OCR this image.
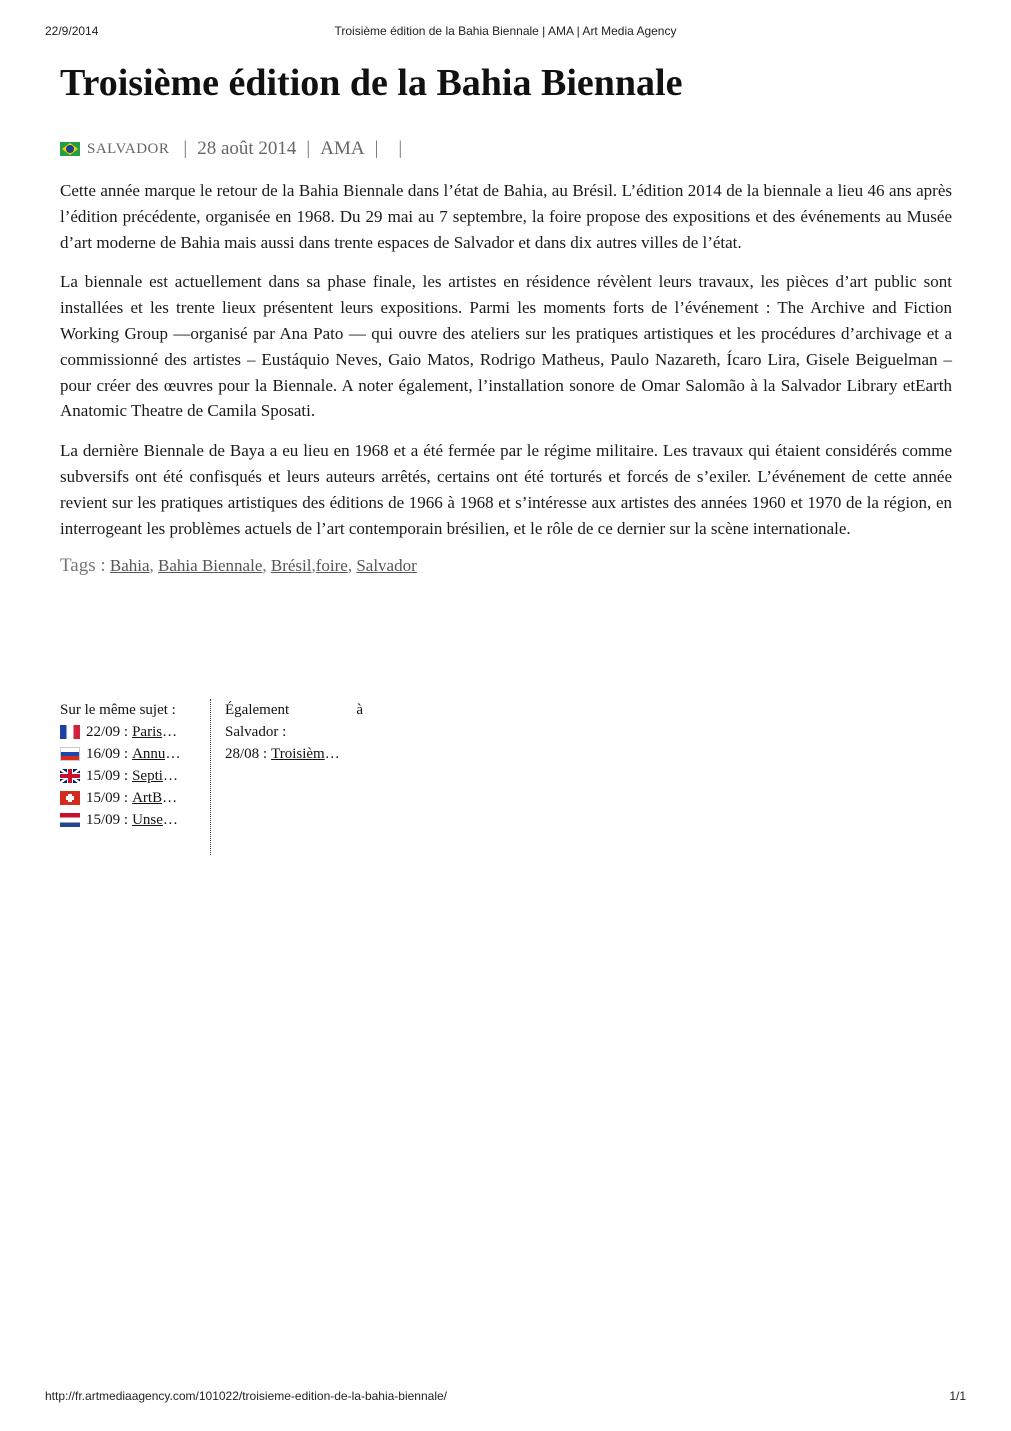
22/9/2014	Troisième édition de la Bahia Biennale | AMA | Art Media Agency
Troisième édition de la Bahia Biennale
SALVADOR | 28 août 2014 | AMA | |

Cette année marque le retour de la Bahia Biennale dans l’état de Bahia, au Brésil. L’édition 2014 de la biennale a lieu 46 ans après l’édition précédente, organisée en 1968. Du 29 mai au 7 septembre, la foire propose des expositions et des événements au Musée d’art moderne de Bahia mais aussi dans trente espaces de Salvador et dans dix autres villes de l’état.

La biennale est actuellement dans sa phase finale, les artistes en résidence révèlent leurs travaux, les pièces d’art public sont installées et les trente lieux présentent leurs expositions. Parmi les moments forts de l’événement : The Archive and Fiction Working Group —organisé par Ana Pato — qui ouvre des ateliers sur les pratiques artistiques et les procédures d’archivage et a commissionné des artistes – Eustáquio Neves, Gaio Matos, Rodrigo Matheus, Paulo Nazareth, Ícaro Lira, Gisele Beiguelman – pour créer des œuvres pour la Biennale. A noter également, l’installation sonore de Omar Salomão à la Salvador Library etEarth Anatomic Theatre de Camila Sposati.

La dernière Biennale de Baya a eu lieu en 1968 et a été fermée par le régime militaire. Les travaux qui étaient considérés comme subversifs ont été confisqués et leurs auteurs arrêtés, certains ont été torturés et forcés de s’exiler. L’événement de cette année revient sur les pratiques artistiques des éditions de 1966 à 1968 et s’intéresse aux artistes des années 1960 et 1970 de la région, en interrogeant les problèmes actuels de l’art contemporain brésilien, et le rôle de ce dernier sur la scène internationale.

Tags : Bahia, Bahia Biennale, Brésil,foire, Salvador
Sur le même sujet :
22/09 : Paris …
16/09 : Annu …
15/09 : Septi …
15/09 : ArtB …
15/09 : Unse …
Également	à
Salvador :
28/08 : Troisièm …
http://fr.artmediaagency.com/101022/troisieme-edition-de-la-bahia-biennale/	1/1
